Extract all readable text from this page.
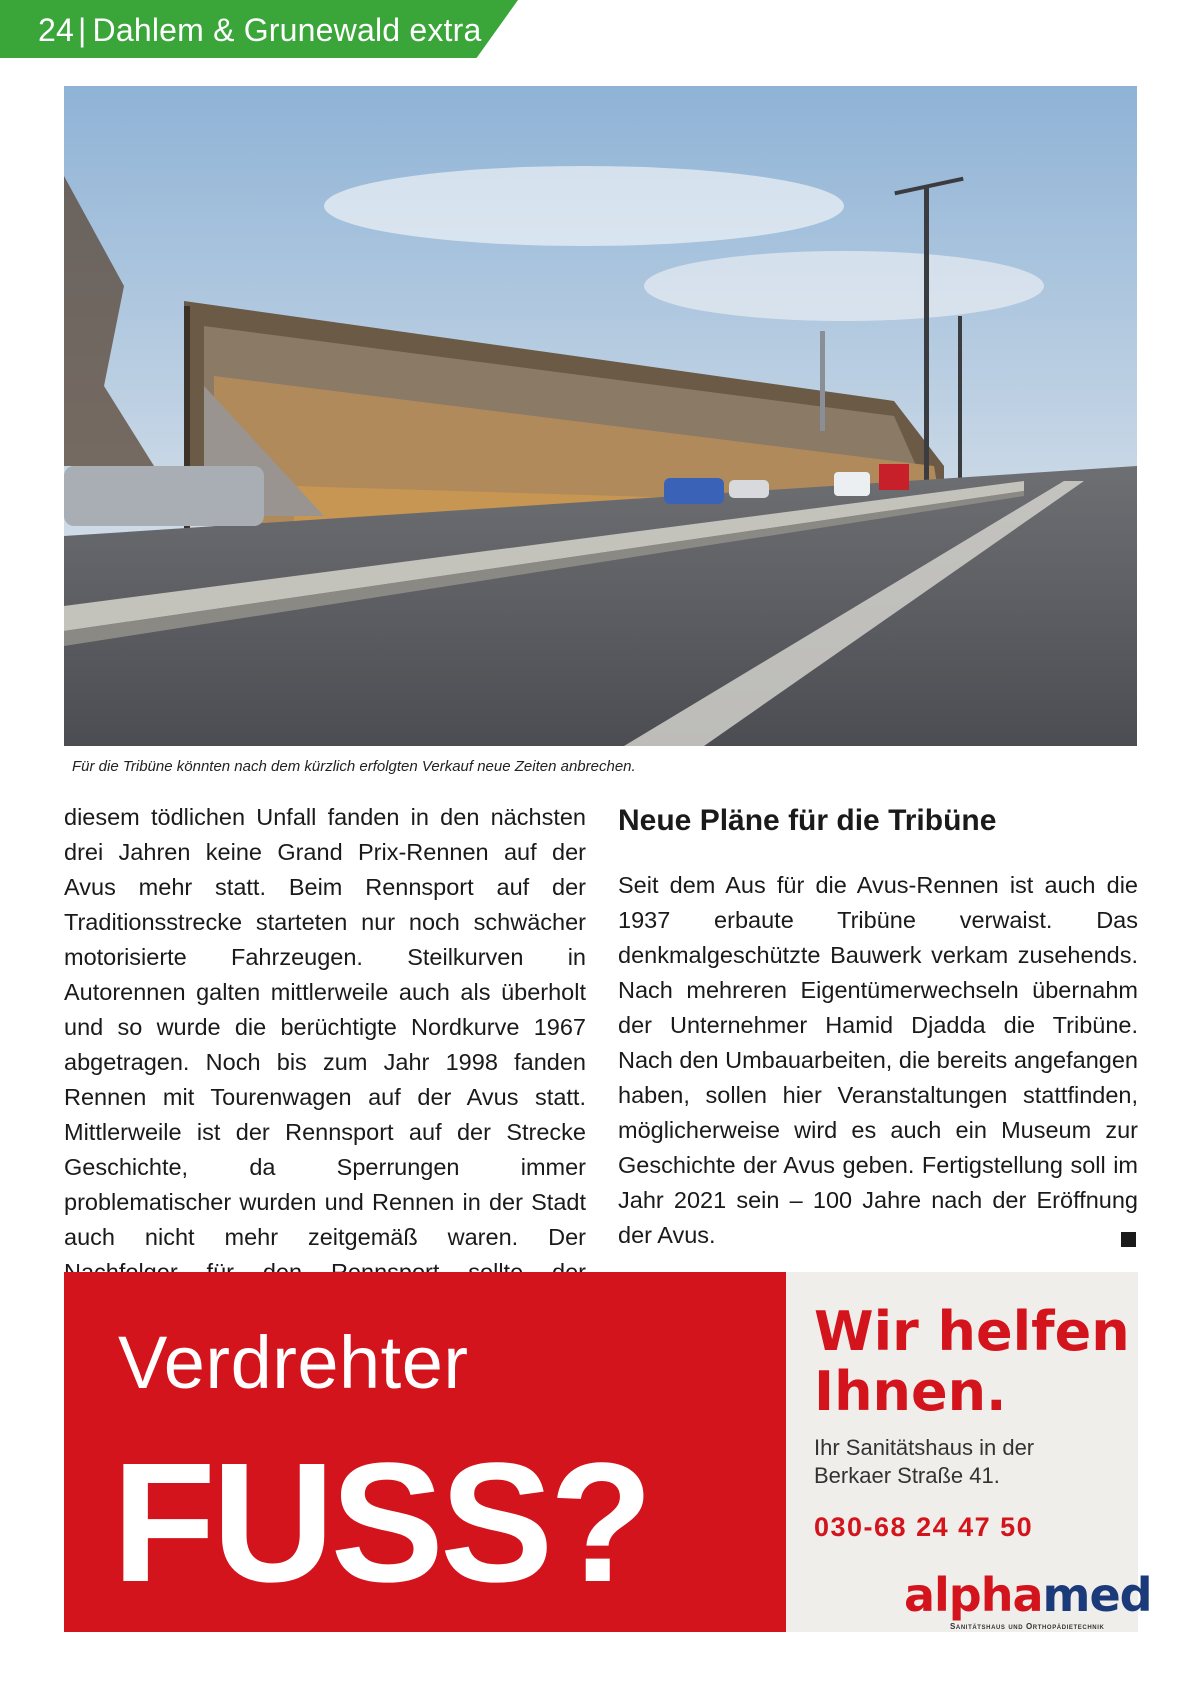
24 | Dahlem & Grunewald extra
Für die Tribüne könnten nach dem kürzlich erfolgten Verkauf neue Zeiten anbrechen.
diesem tödlichen Unfall fanden in den nächsten drei Jahren keine Grand Prix-Rennen auf der Avus mehr statt. Beim Rennsport auf der Traditionsstrecke starteten nur noch schwächer motorisierte Fahrzeugen. Steilkurven in Autorennen galten mittlerweile auch als überholt und so wurde die berüchtigte Nordkurve 1967 abgetragen. Noch bis zum Jahr 1998 fanden Rennen mit Tourenwagen auf der Avus statt. Mittlerweile ist der Rennsport auf der Strecke Geschichte, da Sperrungen immer problematischer wurden und Rennen in der Stadt auch nicht mehr zeitgemäß waren. Der
Neue Pläne für die Tribüne
Seit dem Aus für die Avus-Rennen ist auch die 1937 erbaute Tribüne verwaist. Das denkmalgeschützte Bauwerk verkam zusehends. Nach mehreren Eigentümerwechseln übernahm der Unternehmer Hamid Djadda die Tribüne. Nach den Umbauarbeiten, die bereits angefangen haben, sollen hier Veranstaltungen stattfinden, möglicherweise wird es auch ein Museum zur Geschichte der Avus geben. Fertigstellung soll im Jahr 2021 sein – 100 Jahre nach der Eröffnung der Avus.
Verdrehter
FUSS?
Wir helfen
Ihnen.
Ihr Sanitätshaus in der
Berkaer Straße 41.
030-68 24 47 50
alphamed
Sanitätshaus und Orthopädietechnik
